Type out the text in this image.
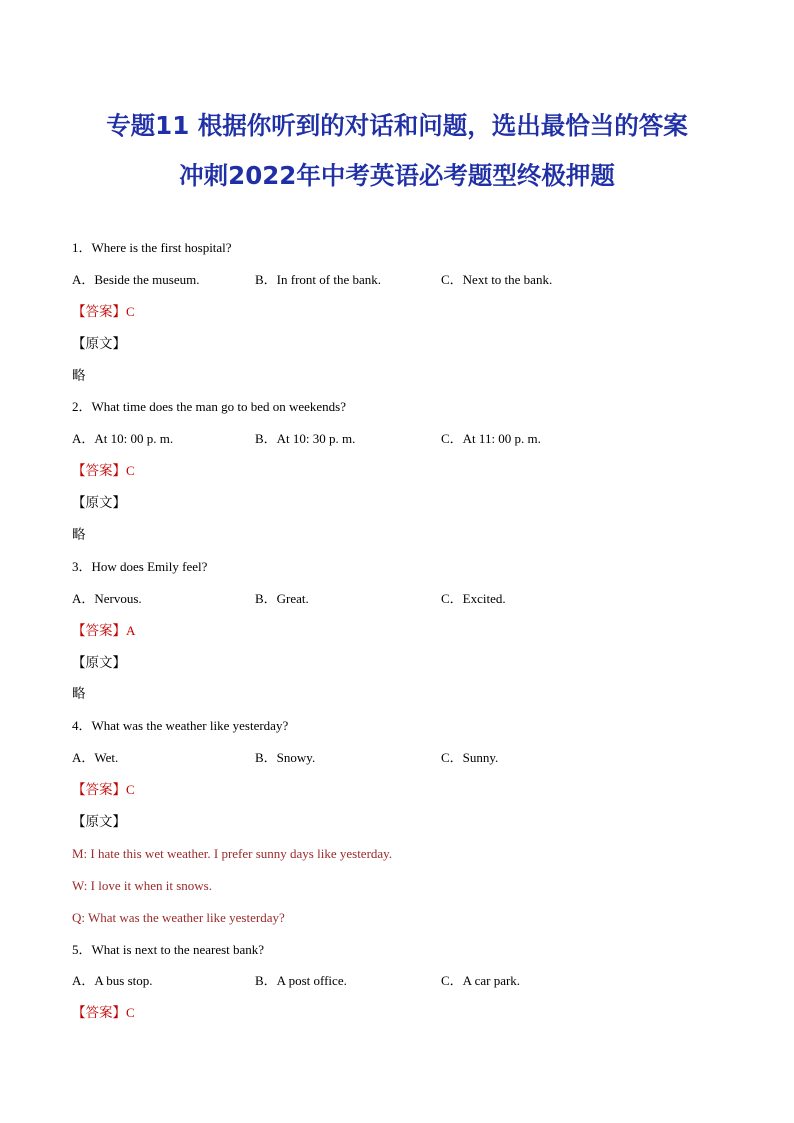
专题11 根据你听到的对话和问题，选出最恰当的答案
冲刺2022年中考英语必考题型终极押题
1．Where is the first hospital?
A．Beside the museum.	B．In front of the bank.	C．Next to the bank.
【答案】C
【原文】
略
2．What time does the man go to bed on weekends?
A．At 10: 00 p. m.	B．At 10: 30 p. m.	C．At 11: 00 p. m.
【答案】C
【原文】
略
3．How does Emily feel?
A．Nervous.	B．Great.	C．Excited.
【答案】A
【原文】
略
4．What was the weather like yesterday?
A．Wet.	B．Snowy.	C．Sunny.
【答案】C
【原文】
M: I hate this wet weather. I prefer sunny days like yesterday.
W: I love it when it snows.
Q: What was the weather like yesterday?
5．What is next to the nearest bank?
A．A bus stop.	B．A post office.	C．A car park.
【答案】C
